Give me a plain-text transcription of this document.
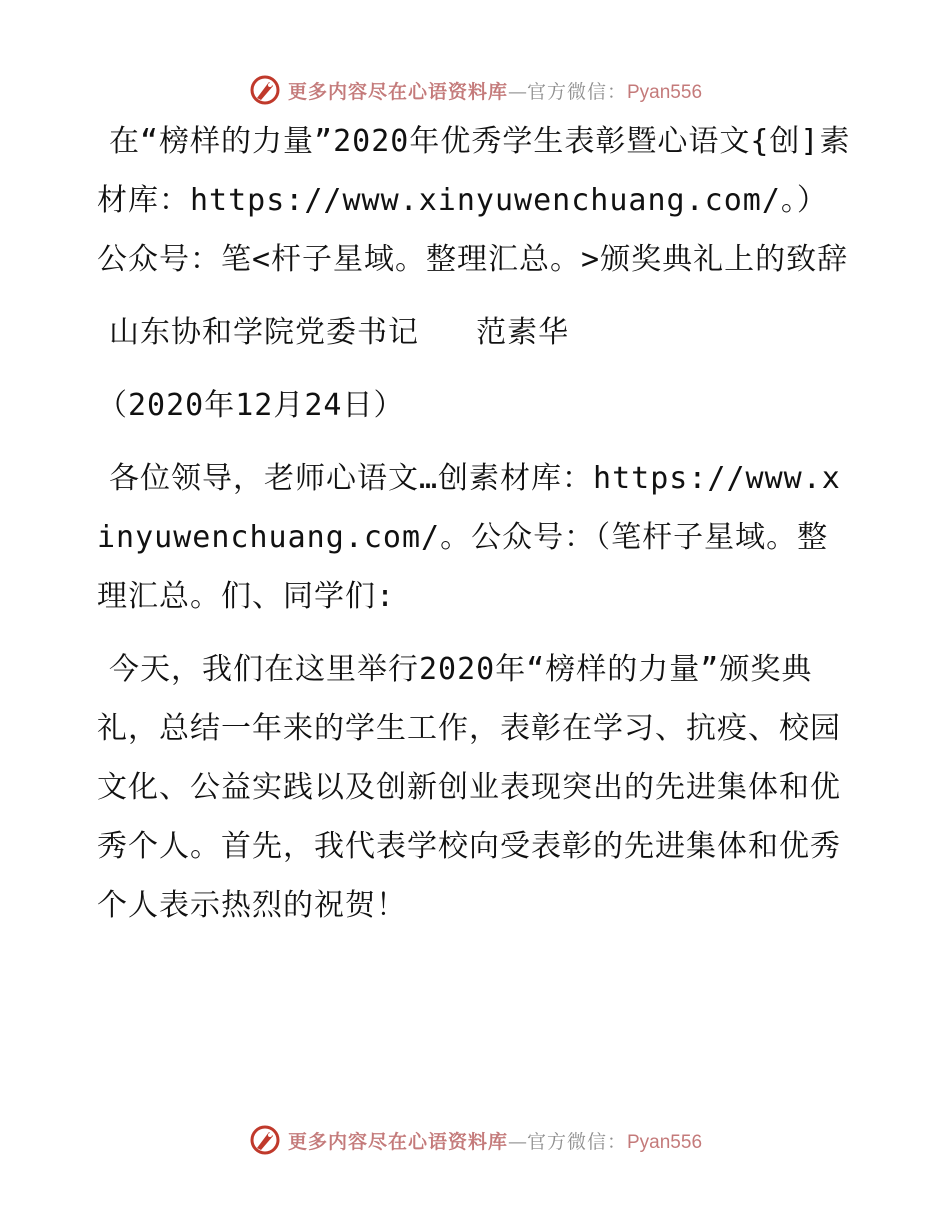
更多内容尽在心语资料库—官方微信：Pyan556

在“榜样的力量”2020年优秀学生表彰暨心语文{创]素材库：https://www.xinyuwenchuang.com/。）公众号：笔<杆子星域。整理汇总。>颁奖典礼上的致辞

山东协和学院党委书记   范素华

（2020年12月24日）

各位领导，老师心语文…创素材库：https://www.xinyuwenchuang.com/。公众号：（笔杆子星域。整理汇总。们、同学们:

今天，我们在这里举行2020年“榜样的力量”颁奖典礼，总结一年来的学生工作，表彰在学习、抗疫、校园文化、公益实践以及创新创业表现突出的先进集体和优秀个人。首先，我代表学校向受表彰的先进集体和优秀个人表示热烈的祝贺！

更多内容尽在心语资料库—官方微信：Pyan556
